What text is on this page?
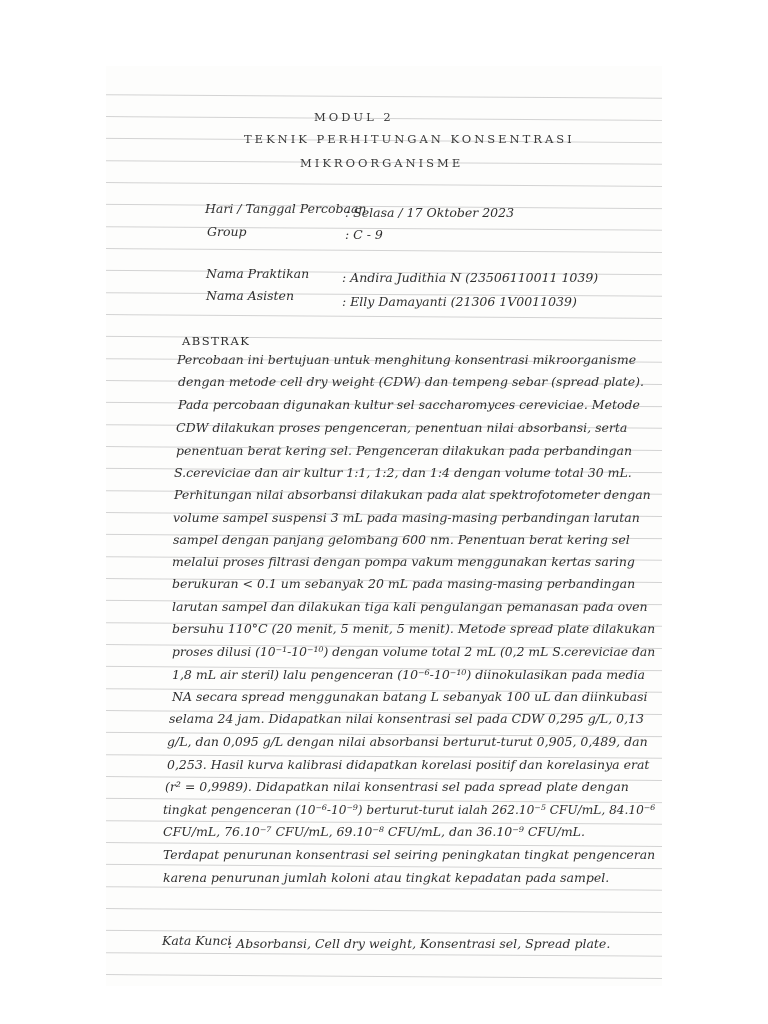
MODUL 2
TEKNIK PERHITUNGAN KONSENTRASI
MIKROORGANISME
Hari / Tanggal Percobaan
: Selasa / 17 Oktober 2023
Group	: C - 9
Nama Praktikan	: Andira Judithia N (23506110011 1039)
Nama Asisten	: Elly Damayanti (21306 1V0011039)
ABSTRAK
Percobaan ini bertujuan untuk menghitung konsentrasi mikroorganisme
dengan metode cell dry weight (CDW) dan tempeng sebar (spread plate).
Pada percobaan digunakan kultur sel saccharomyces cereviciae. Metode
CDW dilakukan proses pengenceran, penentuan nilai absorbansi, serta
penentuan berat kering sel. Pengenceran dilakukan pada perbandingan
S.cereviciae dan air kultur 1:1, 1:2, dan 1:4 dengan volume total 30 mL.
Perhitungan nilai absorbansi dilakukan pada alat spektrofotometer dengan
volume sampel suspensi 3 mL pada masing-masing perbandingan larutan
sampel dengan panjang gelombang 600 nm. Penentuan berat kering sel
melalui proses filtrasi dengan pompa vakum menggunakan kertas saring
berukuran < 0.1 um sebanyak 20 mL pada masing-masing perbandingan
larutan sampel dan dilakukan tiga kali pengulangan pemanasan pada oven
bersuhu 110°C (20 menit, 5 menit, 5 menit). Metode spread plate dilakukan
proses dilusi (10⁻¹-10⁻¹⁰) dengan volume total 2 mL (0,2 mL S.cereviciae dan
1,8 mL air steril) lalu pengenceran (10⁻⁶-10⁻¹⁰) diinokulasikan pada media
NA secara spread menggunakan batang L sebanyak 100 uL dan diinkubasi
selama 24 jam. Didapatkan nilai konsentrasi sel pada CDW 0,295 g/L, 0,13
g/L, dan 0,095 g/L dengan nilai absorbansi berturut-turut 0,905, 0,489, dan
0,253. Hasil kurva kalibrasi didapatkan korelasi positif dan korelasinya erat
(r² = 0,9989). Didapatkan nilai konsentrasi sel pada spread plate dengan
tingkat pengenceran (10⁻⁶-10⁻⁹) berturut-turut ialah 262.10⁻⁵ CFU/mL, 84.10⁻⁶
CFU/mL, 76.10⁻⁷ CFU/mL, 69.10⁻⁸ CFU/mL, dan 36.10⁻⁹ CFU/mL.
Terdapat penurunan konsentrasi sel seiring peningkatan tingkat pengenceran
karena penurunan jumlah koloni atau tingkat kepadatan pada sampel.
Kata Kunci
: Absorbansi, Cell dry weight, Konsentrasi sel, Spread plate.
